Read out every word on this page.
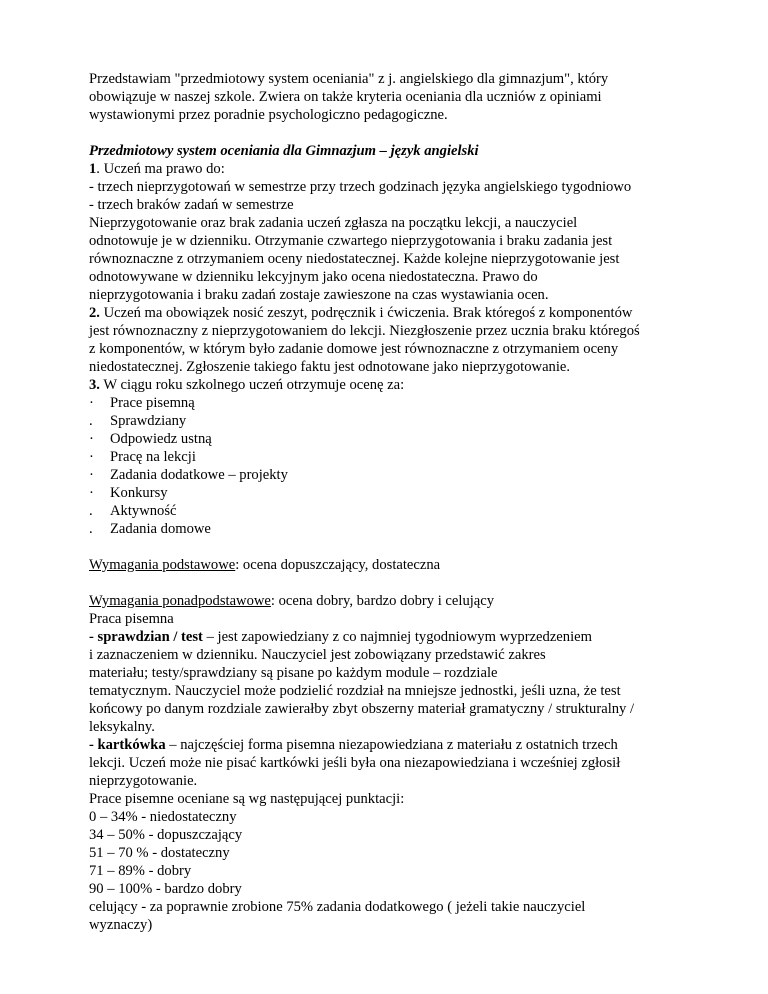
Przedstawiam "przedmiotowy system oceniania" z j. angielskiego dla gimnazjum", który
obowiązuje w naszej szkole. Zwiera on także kryteria oceniania dla uczniów z opiniami
wystawionymi przez poradnie psychologiczno pedagogiczne.
Przedmiotowy system oceniania dla Gimnazjum – język angielski
1. Uczeń ma prawo do:
- trzech nieprzygotowań w semestrze przy trzech godzinach języka angielskiego tygodniowo
- trzech braków zadań w semestrze
Nieprzygotowanie oraz brak zadania uczeń zgłasza na początku lekcji, a nauczyciel
odnotowuje je w dzienniku. Otrzymanie czwartego nieprzygotowania i braku zadania jest
równoznaczne z otrzymaniem oceny niedostatecznej. Każde kolejne nieprzygotowanie jest
odnotowywane w dzienniku lekcyjnym jako ocena niedostateczna. Prawo do
nieprzygotowania i braku zadań zostaje zawieszone na czas wystawiania ocen.
2. Uczeń ma obowiązek nosić zeszyt, podręcznik i ćwiczenia. Brak któregoś z komponentów
jest równoznaczny z nieprzygotowaniem do lekcji. Niezgłoszenie przez ucznia braku któregoś
z komponentów, w którym było zadanie domowe jest równoznaczne z otrzymaniem oceny
niedostatecznej. Zgłoszenie takiego faktu jest odnotowane jako nieprzygotowanie.
3. W ciągu roku szkolnego uczeń otrzymuje ocenę za:
· Prace pisemną
. Sprawdziany
· Odpowiedz ustną
· Pracę na lekcji
· Zadania dodatkowe – projekty
· Konkursy
. Aktywność
. Zadania domowe
Wymagania podstawowe: ocena dopuszczający, dostateczna
Wymagania ponadpodstawowe: ocena dobry, bardzo dobry i celujący
Praca pisemna
- sprawdzian / test – jest zapowiedziany z co najmniej tygodniowym wyprzedzeniem
i zaznaczeniem w dzienniku. Nauczyciel jest zobowiązany przedstawić zakres
materiału; testy/sprawdziany są pisane po każdym module – rozdziale
tematycznym. Nauczyciel może podzielić rozdział na mniejsze jednostki, jeśli uzna, że test
końcowy po danym rozdziale zawierałby zbyt obszerny materiał gramatyczny / strukturalny /
leksykalny.
- kartkówka – najczęściej forma pisemna niezapowiedziana z materiału z ostatnich trzech
lekcji. Uczeń może nie pisać kartkówki jeśli była ona niezapowiedziana i wcześniej zgłosił
nieprzygotowanie.
Prace pisemne oceniane są wg następującej punktacji:
0 – 34% - niedostateczny
34 – 50% - dopuszczający
51 – 70 % - dostateczny
71 – 89% - dobry
90 – 100% - bardzo dobry
celujący - za poprawnie zrobione 75% zadania dodatkowego ( jeżeli takie nauczyciel
wyznaczy)
